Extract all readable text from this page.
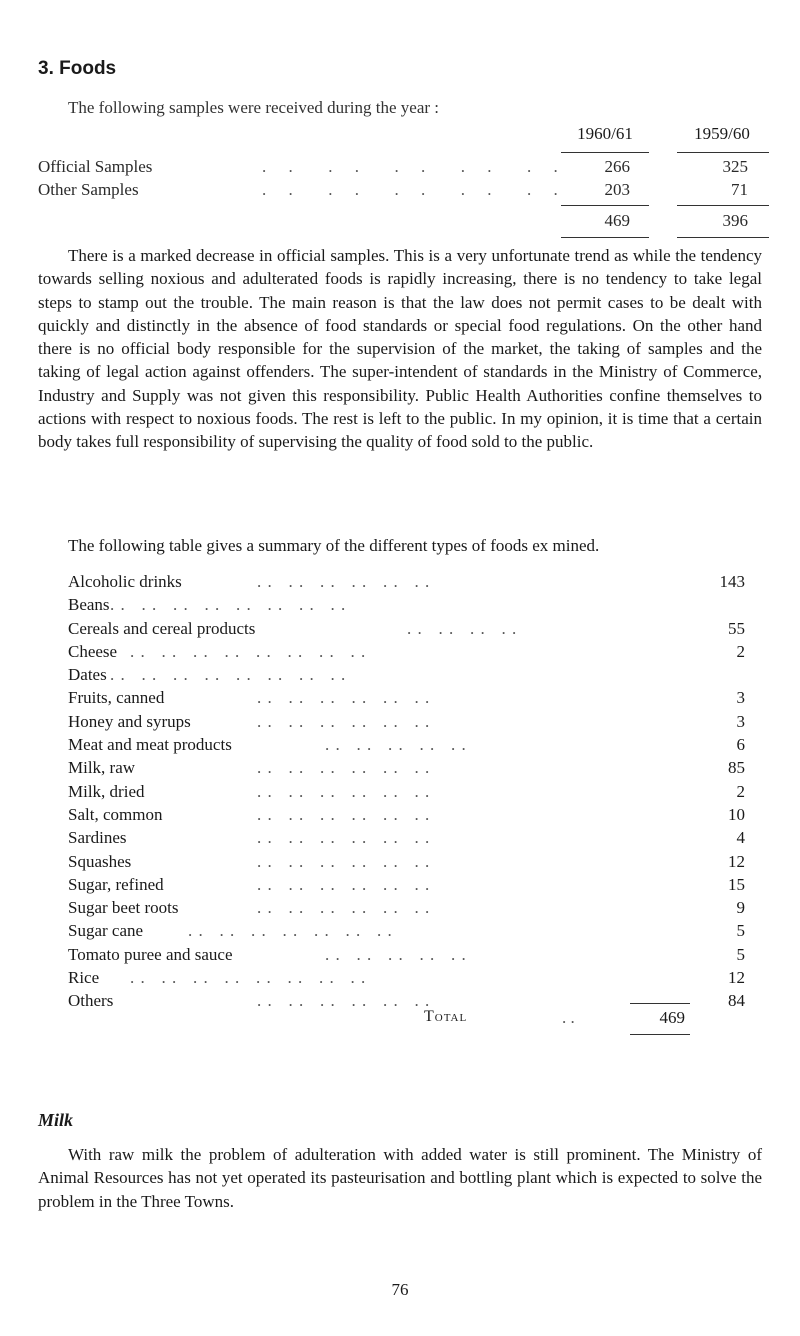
3. Foods
The following samples were received during the year :
1960/61	1959/60
Official Samples	. .  . .  . .  . .  . .	266	325
Other Samples	. .  . .  . .  . .  . .	203	71
469	396

There is a marked decrease in official samples. This is a very unfortunate trend as while the tendency towards selling noxious and adulterated foods is rapidly increasing, there is no tendency to take legal steps to stamp out the trouble. The main reason is that the law does not permit cases to be dealt with quickly and distinctly in the absence of food standards or special food regulations. On the other hand there is no official body responsible for the supervision of the market, the taking of samples and the taking of legal action against offenders. The super-intendent of standards in the Ministry of Commerce, Industry and Supply was not given this responsibility. Public Health Authorities confine themselves to actions with respect to noxious foods. The rest is left to the public. In my opinion, it is time that a certain body takes full responsibility of supervising the quality of food sold to the public.

The following table gives a summary of the different types of foods ex mined.

Alcoholic drinks	. .   . .   . .   . .   . .   . .	143
Beans . .   . .   . .   . .   . .   . .   . .   . .
Cereals and cereal products	. .   . .   . .   . .	55
Cheese . .   . .   . .   . .   . .   . .   . .   . .	2
Dates . .   . .   . .   . .   . .   . .   . .   . .
Fruits, canned	. .   . .   . .   . .   . .   . .	3
Honey and syrups	. .   . .   . .   . .   . .   . .	3
Meat and meat products	. .   . .   . .   . .   . .	6
Milk, raw	. .   . .   . .   . .   . .   . .	85
Milk, dried	. .   . .   . .   . .   . .   . .	2
Salt, common	. .   . .   . .   . .   . .   . .	10
Sardines	. .   . .   . .   . .   . .   . .	4
Squashes	. .   . .   . .   . .   . .   . .	12
Sugar, refined	. .   . .   . .   . .   . .   . .	15
Sugar beet roots	. .   . .   . .   . .   . .   . .	9
Sugar cane	. .   . .   . .   . .   . .   . .   . .	5
Tomato puree and sauce	. .   . .   . .   . .   . .	5
Rice . .   . .   . .   . .   . .   . .   . .   . .	12
Others	. .   . .   . .   . .   . .   . .	84
Total	. .	469
Milk

With raw milk the problem of adulteration with added water is still prominent. The Ministry of Animal Resources has not yet operated its pasteurisation and bottling plant which is expected to solve the problem in the Three Towns.

76
